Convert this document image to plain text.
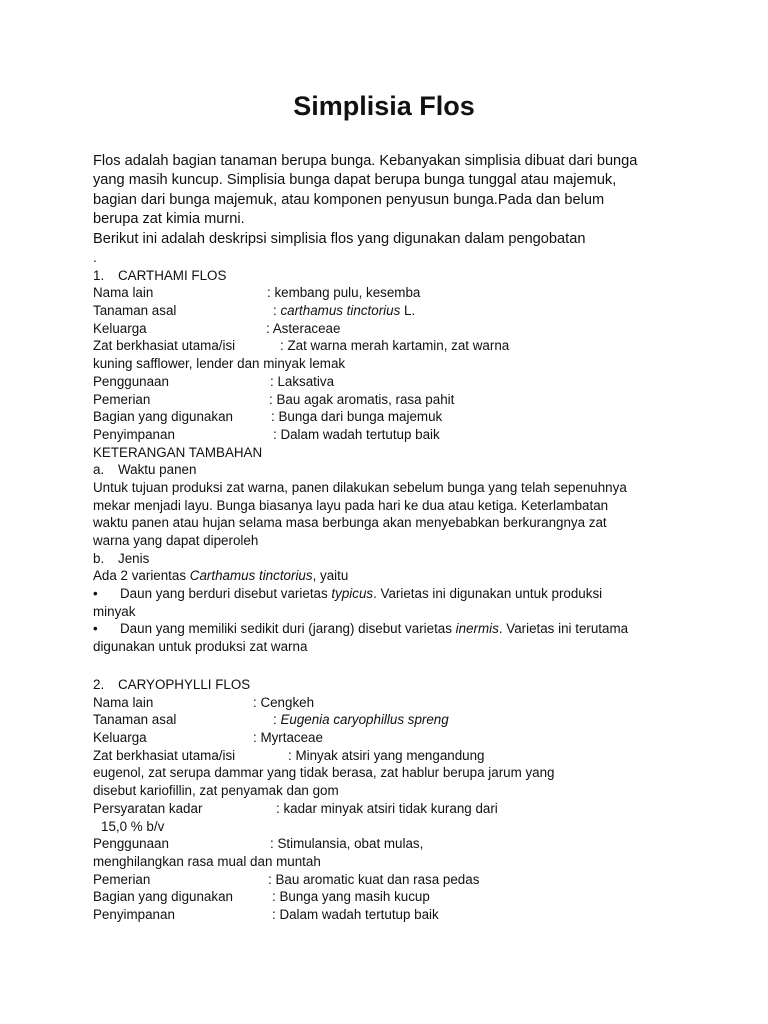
Simplisia Flos

Flos adalah bagian tanaman berupa bunga. Kebanyakan simplisia dibuat dari bunga

yang masih kuncup. Simplisia bunga dapat berupa bunga tunggal atau majemuk,

bagian dari bunga majemuk, atau komponen penyusun bunga.Pada dan belum

berupa zat kimia murni.

Berikut ini adalah deskripsi simplisia flos yang digunakan dalam pengobatan

.
1. CARTHAMI FLOS
Nama lain	: kembang pulu, kesemba
Tanaman asal	: carthamus tinctorius L.
Keluarga	: Asteraceae
Zat berkhasiat utama/isi	: Zat warna merah kartamin, zat warna
kuning safflower, lender dan minyak lemak
Penggunaan	: Laksativa
Pemerian	: Bau agak aromatis, rasa pahit
Bagian yang digunakan	: Bunga dari bunga majemuk
Penyimpanan	: Dalam wadah tertutup baik
KETERANGAN TAMBAHAN
a. Waktu panen
Untuk tujuan produksi zat warna, panen dilakukan sebelum bunga yang telah sepenuhnya
mekar menjadi layu. Bunga biasanya layu pada hari ke dua atau ketiga. Keterlambatan
waktu panen atau hujan selama masa berbunga akan menyebabkan berkurangnya zat
warna yang dapat diperoleh
b. Jenis
Ada 2 varientas Carthamus tinctorius, yaitu
• Daun yang berduri disebut varietas typicus. Varietas ini digunakan untuk produksi
minyak
• Daun yang memiliki sedikit duri (jarang) disebut varietas inermis. Varietas ini terutama
digunakan untuk produksi zat warna
2. CARYOPHYLLI FLOS
Nama lain	: Cengkeh
Tanaman asal	: Eugenia caryophillus spreng
Keluarga	: Myrtaceae
Zat berkhasiat utama/isi	: Minyak atsiri yang mengandung
eugenol, zat serupa dammar yang tidak berasa, zat hablur berupa jarum yang
disebut kariofillin, zat penyamak dan gom
Persyaratan kadar	: kadar minyak atsiri tidak kurang dari
15,0 % b/v
Penggunaan	: Stimulansia, obat mulas,
menghilangkan rasa mual dan muntah
Pemerian	: Bau aromatic kuat dan rasa pedas
Bagian yang digunakan	: Bunga yang masih kucup
Penyimpanan	: Dalam wadah tertutup baik
